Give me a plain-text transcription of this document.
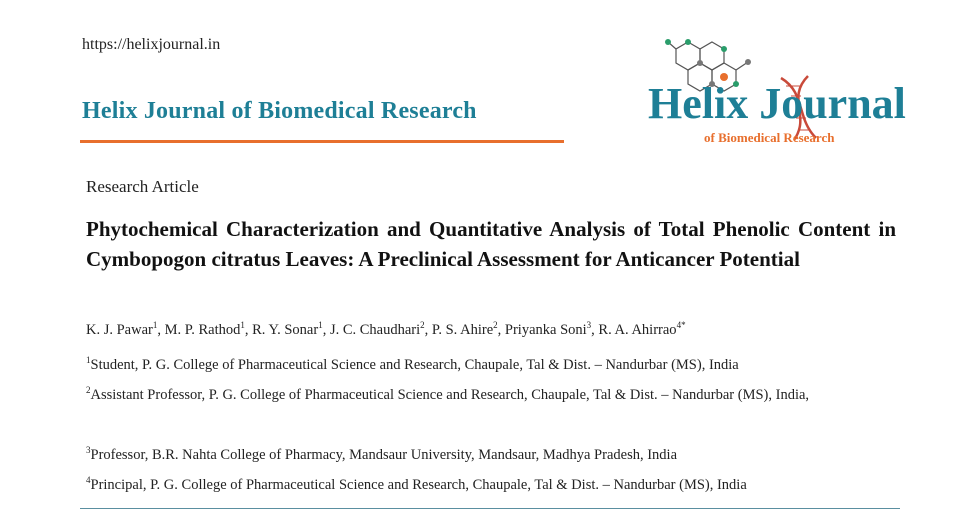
https://helixjournal.in
Helix Journal of Biomedical Research	Helix Journal
of Biomedical Research
Research Article
Phytochemical Characterization and Quantitative Analysis of Total Phenolic Content in Cymbopogon citratus Leaves: A Preclinical Assessment for Anticancer Potential
K. J. Pawar$^1$, M. P. Rathod$^1$, R. Y. Sonar$^1$, J. C. Chaudhari$^2$, P. S. Ahire$^2$, Priyanka Soni$^3$, R. A. Ahirrao$^{4*}$
$^1$Student, P. G. College of Pharmaceutical Science and Research, Chaupale, Tal & Dist. – Nandurbar (MS), India
$^2$Assistant Professor, P. G. College of Pharmaceutical Science and Research, Chaupale, Tal & Dist. – Nandurbar (MS), India,
$^3$Professor, B.R. Nahta College of Pharmacy, Mandsaur University, Mandsaur, Madhya Pradesh, India
$^4$Principal, P. G. College of Pharmaceutical Science and Research, Chaupale, Tal & Dist. – Nandurbar (MS), India
